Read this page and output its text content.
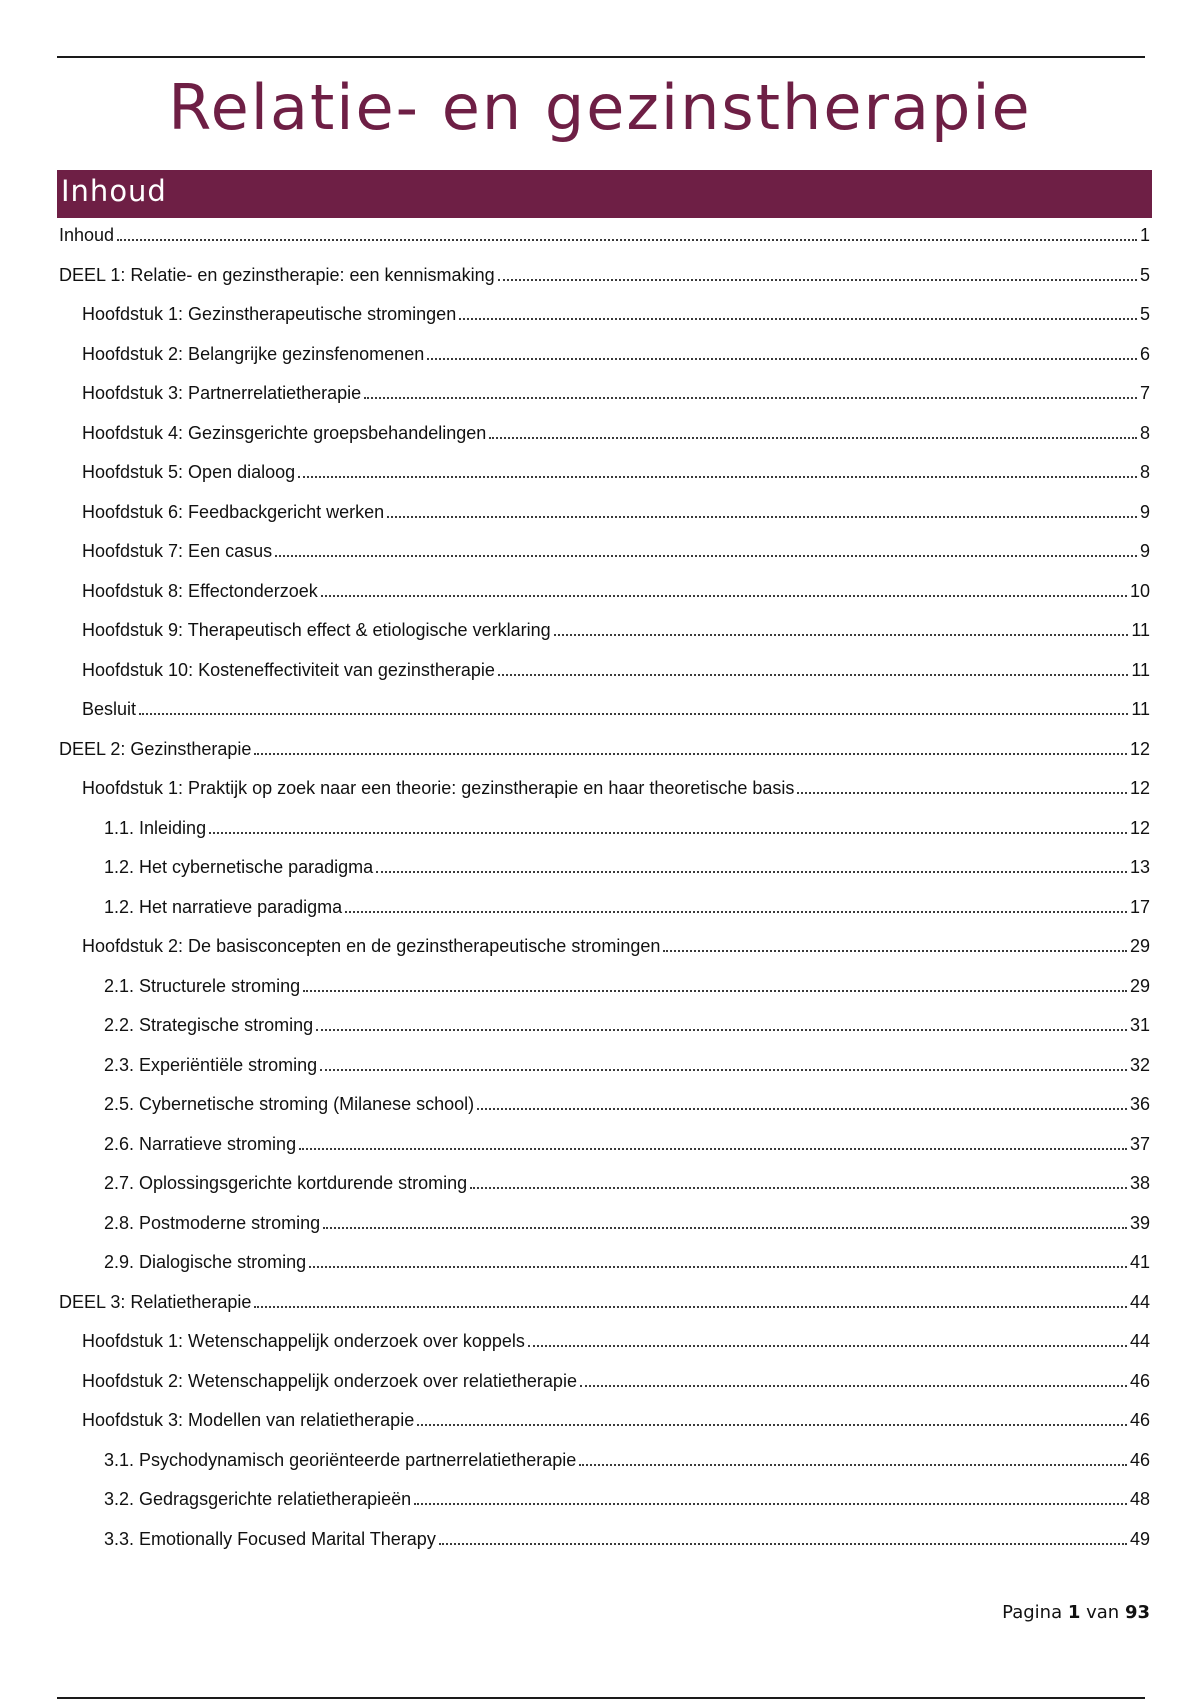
Relatie- en gezinstherapie
Inhoud
Inhoud	1
DEEL 1: Relatie- en gezinstherapie: een kennismaking	5
Hoofdstuk 1: Gezinstherapeutische stromingen	5
Hoofdstuk 2: Belangrijke gezinsfenomenen	6
Hoofdstuk 3: Partnerrelatietherapie	7
Hoofdstuk 4: Gezinsgerichte groepsbehandelingen	8
Hoofdstuk 5: Open dialoog	8
Hoofdstuk 6: Feedbackgericht werken	9
Hoofdstuk 7: Een casus	9
Hoofdstuk 8: Effectonderzoek	10
Hoofdstuk 9: Therapeutisch effect & etiologische verklaring	11
Hoofdstuk 10: Kosteneffectiviteit van gezinstherapie	11
Besluit	11
DEEL 2: Gezinstherapie	12
Hoofdstuk 1: Praktijk op zoek naar een theorie: gezinstherapie en haar theoretische basis	12
1.1. Inleiding	12
1.2. Het cybernetische paradigma	13
1.2. Het narratieve paradigma	17
Hoofdstuk 2: De basisconcepten en de gezinstherapeutische stromingen	29
2.1. Structurele stroming	29
2.2. Strategische stroming	31
2.3. Experiëntiële stroming	32
2.5. Cybernetische stroming (Milanese school)	36
2.6. Narratieve stroming	37
2.7. Oplossingsgerichte kortdurende stroming	38
2.8. Postmoderne stroming	39
2.9. Dialogische stroming	41
DEEL 3: Relatietherapie	44
Hoofdstuk 1: Wetenschappelijk onderzoek over koppels	44
Hoofdstuk 2: Wetenschappelijk onderzoek over relatietherapie	46
Hoofdstuk 3: Modellen van relatietherapie	46
3.1. Psychodynamisch georiënteerde partnerrelatietherapie	46
3.2. Gedragsgerichte relatietherapieën	48
3.3. Emotionally Focused Marital Therapy	49
Pagina 1 van 93
